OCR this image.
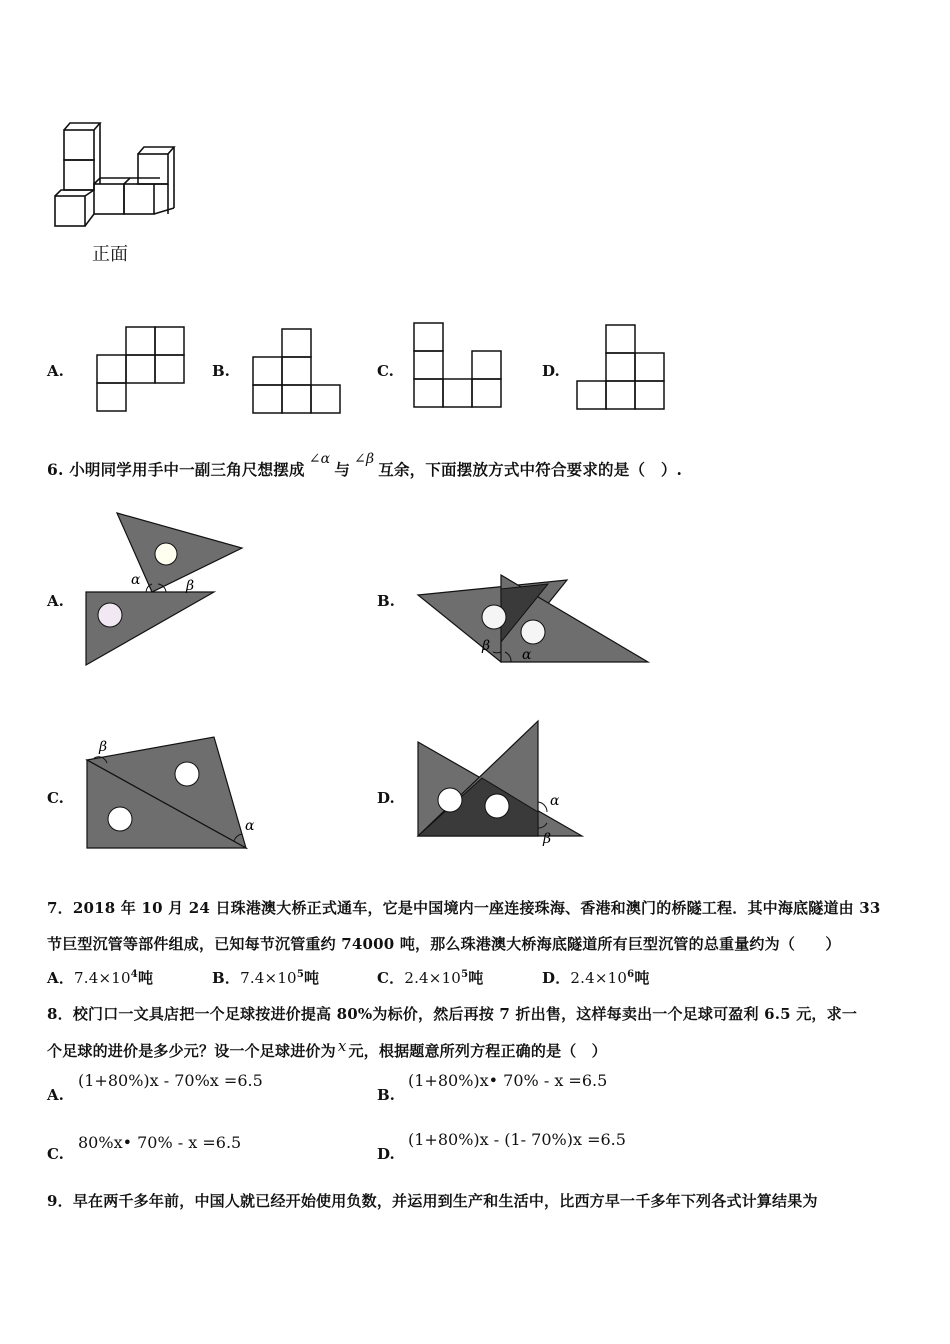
正面
A.	B.	C.	D.
6. 小明同学用手中一副三角尺想摆成∠α与∠β互余，下面摆放方式中符合要求的是（　）.
A.
α	β
B.
β
α
C.
β
α
D.	α
β
7．2018 年 10 月 24 日珠港澳大桥正式通车，它是中国境内一座连接珠海、香港和澳门的桥隧工程．其中海底隧道由 33
节巨型沉管等部件组成，已知每节沉管重约 74000 吨，那么珠港澳大桥海底隧道所有巨型沉管的总重量约为（　　）
A．$7.4\times 10^4$吨	B．$7.4\times 10^5$吨	C．$2.4\times 10^5$吨	D．$2.4\times 10^6$吨
8．校门口一文具店把一个足球按进价提高 80%为标价，然后再按 7 折出售，这样每卖出一个足球可盈利 6.5 元，求一
个足球的进价是多少元？设一个足球进价为 x 元，根据题意所列方程正确的是（　）
A.
(1+80%)x - 70%x =6.5
B.
(1+80%)x• 70% - x =6.5
C.
80%x• 70% - x =6.5
D.
(1+80%)x - (1- 70%)x =6.5
9．早在两千多年前，中国人就已经开始使用负数，并运用到生产和生活中，比西方早一千多年下列各式计算结果为
